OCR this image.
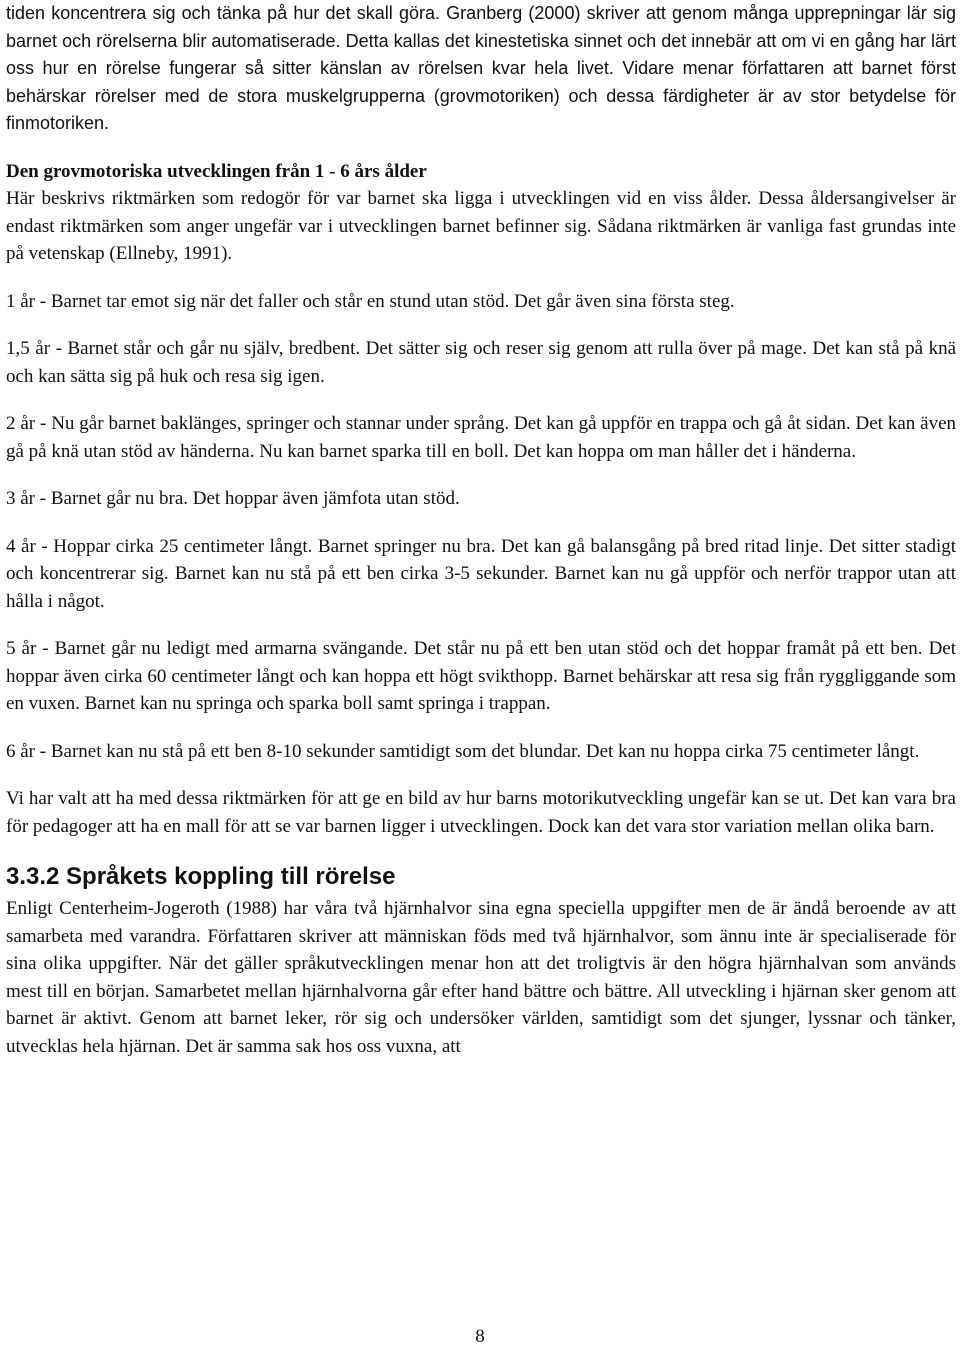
tiden koncentrera sig och tänka på hur det skall göra. Granberg (2000) skriver att genom många upprepningar lär sig barnet och rörelserna blir automatiserade. Detta kallas det kinestetiska sinnet och det innebär att om vi en gång har lärt oss hur en rörelse fungerar så sitter känslan av rörelsen kvar hela livet. Vidare menar författaren att barnet först behärskar rörelser med de stora muskelgrupperna (grovmotoriken) och dessa färdigheter är av stor betydelse för finmotoriken.

Den grovmotoriska utvecklingen från 1 - 6 års ålder

Här beskrivs riktmärken som redogör för var barnet ska ligga i utvecklingen vid en viss ålder. Dessa åldersangivelser är endast riktmärken som anger ungefär var i utvecklingen barnet befinner sig. Sådana riktmärken är vanliga fast grundas inte på vetenskap (Ellneby, 1991).

1 år - Barnet tar emot sig när det faller och står en stund utan stöd. Det går även sina första steg.

1,5 år - Barnet står och går nu själv, bredbent. Det sätter sig och reser sig genom att rulla över på mage. Det kan stå på knä och kan sätta sig på huk och resa sig igen.

2 år - Nu går barnet baklänges, springer och stannar under språng. Det kan gå uppför en trappa och gå åt sidan. Det kan även gå på knä utan stöd av händerna. Nu kan barnet sparka till en boll. Det kan hoppa om man håller det i händerna.

3 år - Barnet går nu bra. Det hoppar även jämfota utan stöd.

4 år - Hoppar cirka 25 centimeter långt. Barnet springer nu bra. Det kan gå balansgång på bred ritad linje. Det sitter stadigt och koncentrerar sig. Barnet kan nu stå på ett ben cirka 3-5 sekunder. Barnet kan nu gå uppför och nerför trappor utan att hålla i något.

5 år - Barnet går nu ledigt med armarna svängande. Det står nu på ett ben utan stöd och det hoppar framåt på ett ben. Det hoppar även cirka 60 centimeter långt och kan hoppa ett högt svikthopp. Barnet behärskar att resa sig från ryggliggande som en vuxen. Barnet kan nu springa och sparka boll samt springa i trappan.

6 år - Barnet kan nu stå på ett ben 8-10 sekunder samtidigt som det blundar. Det kan nu hoppa cirka 75 centimeter långt.

Vi har valt att ha med dessa riktmärken för att ge en bild av hur barns motorikutveckling ungefär kan se ut. Det kan vara bra för pedagoger att ha en mall för att se var barnen ligger i utvecklingen. Dock kan det vara stor variation mellan olika barn.

3.3.2 Språkets koppling till rörelse

Enligt Centerheim-Jogeroth (1988) har våra två hjärnhalvor sina egna speciella uppgifter men de är ändå beroende av att samarbeta med varandra. Författaren skriver att människan föds med två hjärnhalvor, som ännu inte är specialiserade för sina olika uppgifter. När det gäller språkutvecklingen menar hon att det troligtvis är den högra hjärnhalvan som används mest till en början. Samarbetet mellan hjärnhalvorna går efter hand bättre och bättre. All utveckling i hjärnan sker genom att barnet är aktivt. Genom att barnet leker, rör sig och undersöker världen, samtidigt som det sjunger, lyssnar och tänker, utvecklas hela hjärnan. Det är samma sak hos oss vuxna, att

8
